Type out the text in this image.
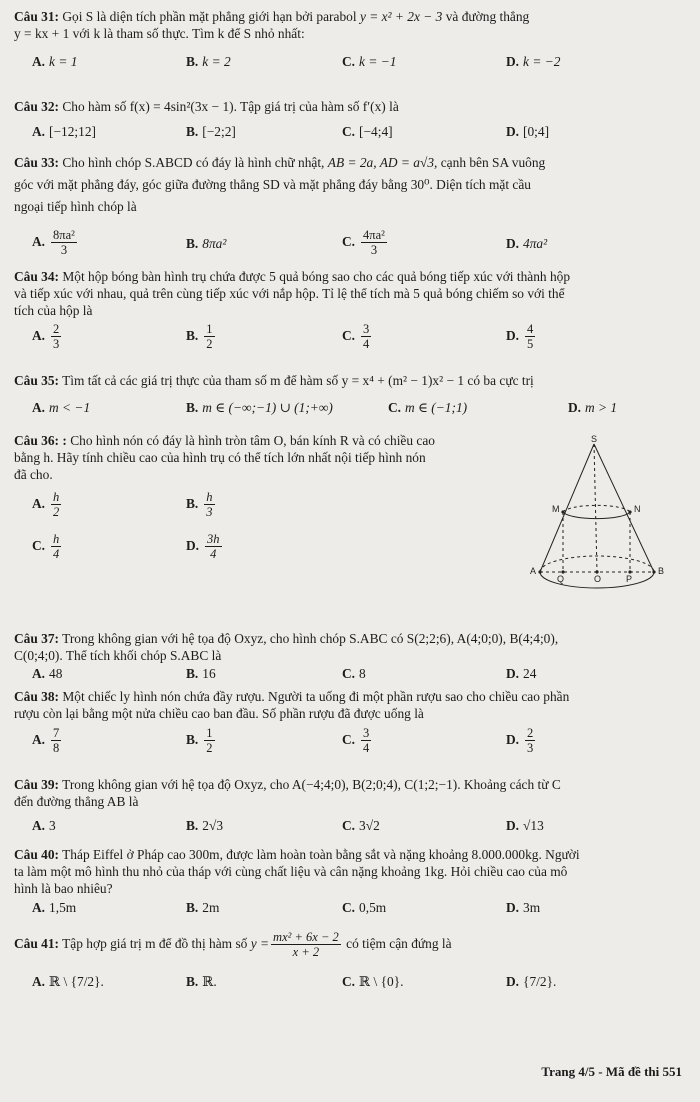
Câu 31: Gọi S là diện tích phần mặt phẳng giới hạn bởi parabol y = x² + 2x − 3 và đường thẳng
y = kx + 1 với k là tham số thực. Tìm k để S nhỏ nhất:
A. k = 1	B. k = 2	C. k = −1	D. k = −2
Câu 32: Cho hàm số f(x) = 4sin²(3x − 1). Tập giá trị của hàm số f′(x) là
A. [−12;12]	B. [−2;2]	C. [−4;4]	D. [0;4]
Câu 33: Cho hình chóp S.ABCD có đáy là hình chữ nhật, AB = 2a, AD = a√3, cạnh bên SA vuông
góc với mặt phẳng đáy, góc giữa đường thẳng SD và mặt phẳng đáy bằng 30⁰. Diện tích mặt cầu
ngoại tiếp hình chóp là
A. $\frac{\text{8πa²}}{3}$	B. 8πa²	C. $\frac{\text{4πa²}}{3}$	D. 4πa²
Câu 34: Một hộp bóng bàn hình trụ chứa được 5 quả bóng sao cho các quả bóng tiếp xúc với thành hộp
và tiếp xúc với nhau, quả trên cùng tiếp xúc với nắp hộp. Tỉ lệ thể tích mà 5 quả bóng chiếm so với thể
tích của hộp là
A. $\frac{2}{3}$	B. $\frac{1}{2}$	C. $\frac{3}{4}$	D. $\frac{4}{5}$
Câu 35: Tìm tất cả các giá trị thực của tham số m để hàm số y = x⁴ + (m² − 1)x² − 1 có ba cực trị
A. m < −1	B. m ∈ (−∞;−1) ∪ (1;+∞)	C. m ∈ (−1;1)	D. m > 1
Câu 36: : Cho hình nón có đáy là hình tròn tâm O, bán kính R và có chiều cao
bằng h. Hãy tính chiều cao của hình trụ có thể tích lớn nhất nội tiếp hình nón
đã cho.
A. $\frac{h}{2}$	B. $\frac{h}{3}$
C. $\frac{h}{4}$	D. $\frac{3h}{4}$
S
M	N
A	B
O	P
Q
Câu 37: Trong không gian với hệ tọa độ Oxyz, cho hình chóp S.ABC có S(2;2;6), A(4;0;0), B(4;4;0),
C(0;4;0). Thể tích khối chóp S.ABC là
A. 48	B. 16	C. 8	D. 24
Câu 38: Một chiếc ly hình nón chứa đầy rượu. Người ta uống đi một phần rượu sao cho chiều cao phần
rượu còn lại bằng một nửa chiều cao ban đầu. Số phần rượu đã được uống là
A. $\frac{7}{8}$	B. $\frac{1}{2}$	C. $\frac{3}{4}$	D. $\frac{2}{3}$
Câu 39: Trong không gian với hệ tọa độ Oxyz, cho A(−4;4;0), B(2;0;4), C(1;2;−1). Khoảng cách từ C
đến đường thẳng AB là
A. 3	B. 2√3	C. 3√2	D. √13
Câu 40: Tháp Eiffel ở Pháp cao 300m, được làm hoàn toàn bằng sắt và nặng khoảng 8.000.000kg. Người
ta làm một mô hình thu nhỏ của tháp với cùng chất liệu và cân nặng khoảng 1kg. Hỏi chiều cao của mô
hình là bao nhiêu?
A. 1,5m	B. 2m	C. 0,5m	D. 3m
Câu 41: Tập hợp giá trị m để đồ thị hàm số $y = \frac{\text{mx² + 6x − 2}}{x + 2}$ có tiệm cận đứng là
A. ℝ \ {7/2}.	B. ℝ.	C. ℝ \ {0}.	D. {7/2}.
Trang 4/5 - Mã đề thi 551
